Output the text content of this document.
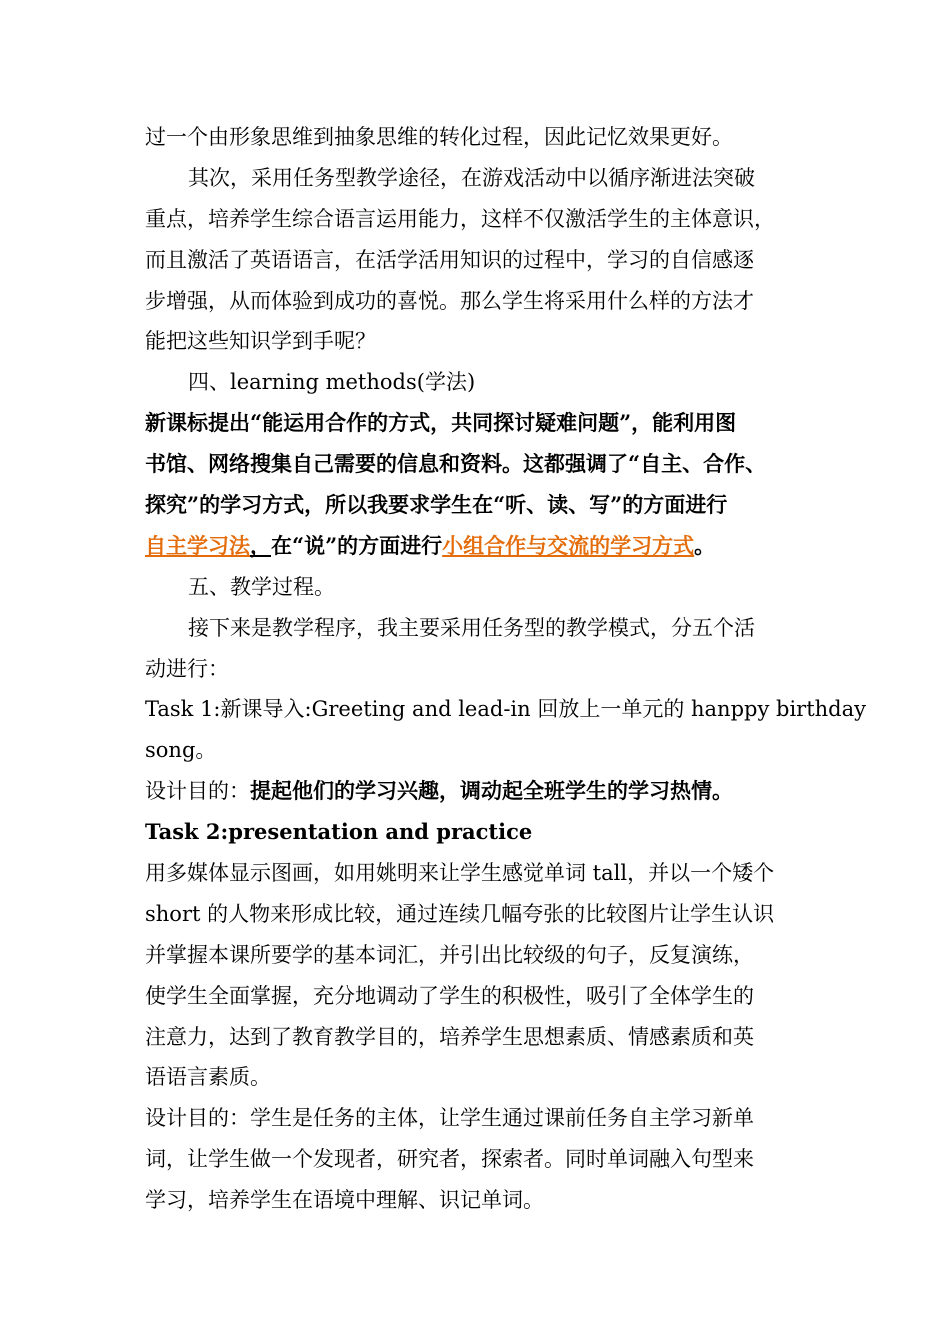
过一个由形象思维到抽象思维的转化过程，因此记忆效果更好。
其次，采用任务型教学途径，在游戏活动中以循序渐进法突破
重点，培养学生综合语言运用能力，这样不仅激活学生的主体意识，
而且激活了英语语言，在活学活用知识的过程中，学习的自信感逐
步增强，从而体验到成功的喜悦。那么学生将采用什么样的方法才
能把这些知识学到手呢？
四、learning methods(学法)
新课标提出“能运用合作的方式，共同探讨疑难问题”，能利用图
书馆、网络搜集自己需要的信息和资料。这都强调了“自主、合作、
探究”的学习方式，所以我要求学生在“听、读、写”的方面进行
自主学习法，在“说”的方面进行小组合作与交流的学习方式。
五、教学过程。
接下来是教学程序，我主要采用任务型的教学模式，分五个活
动进行：
Task 1:新课导入:Greeting and lead-in 回放上一单元的 hanppy birthday
song。
设计目的：提起他们的学习兴趣，调动起全班学生的学习热情。
Task 2:presentation and practice
用多媒体显示图画，如用姚明来让学生感觉单词 tall，并以一个矮个
short 的人物来形成比较，通过连续几幅夸张的比较图片让学生认识
并掌握本课所要学的基本词汇，并引出比较级的句子，反复演练，
使学生全面掌握，充分地调动了学生的积极性，吸引了全体学生的
注意力，达到了教育教学目的，培养学生思想素质、情感素质和英
语语言素质。
设计目的：学生是任务的主体，让学生通过课前任务自主学习新单
词，让学生做一个发现者，研究者，探索者。同时单词融入句型来
学习，培养学生在语境中理解、识记单词。
